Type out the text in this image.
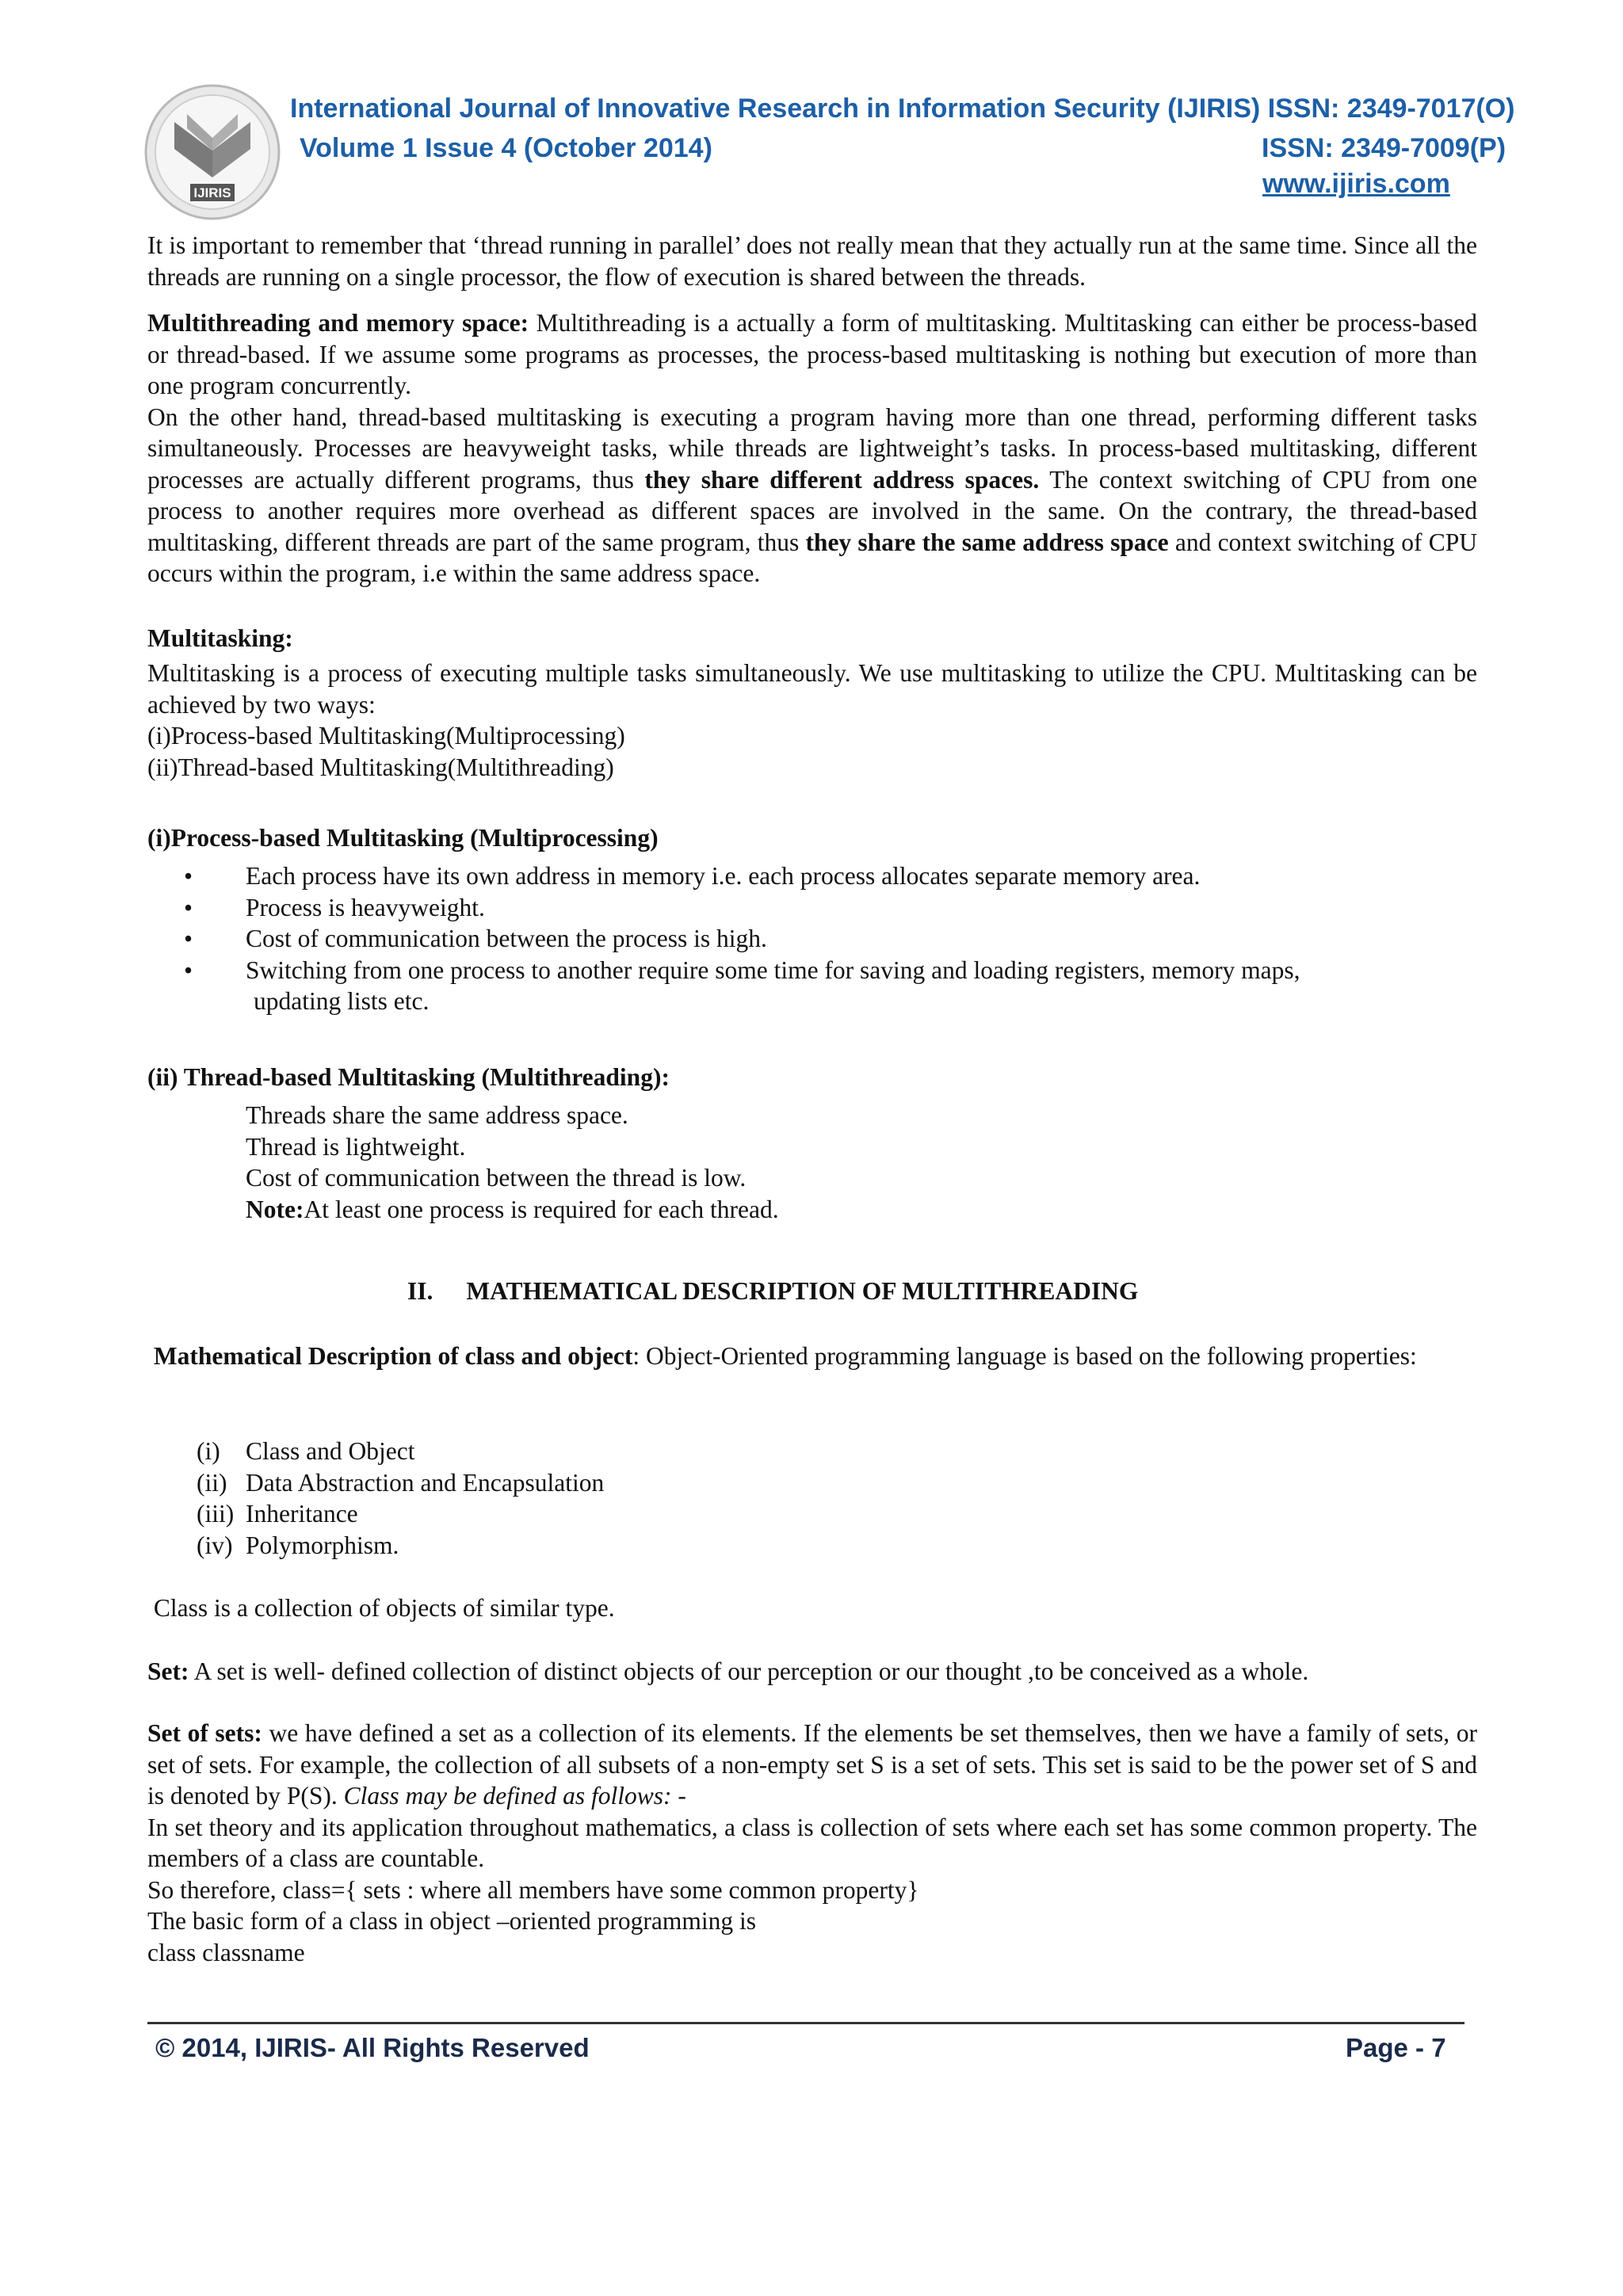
IJIRIS
International Journal of Innovative Research in Information Security (IJIRIS) ISSN: 2349-7017(O)
Volume 1 Issue 4 (October 2014)	ISSN: 2349-7009(P)
www.ijiris.com

It is important to remember that ‘thread running in parallel’ does not really mean that they actually run at the same time. Since all the threads are running on a single processor, the flow of execution is shared between the threads.

Multithreading and memory space: Multithreading is a actually a form of multitasking. Multitasking can either be process-based or thread-based. If we assume some programs as processes, the process-based multitasking is nothing but execution of more than one program concurrently.

On the other hand, thread-based multitasking is executing a program having more than one thread, performing different tasks simultaneously. Processes are heavyweight tasks, while threads are lightweight’s tasks. In process-based multitasking, different processes are actually different programs, thus they share different address spaces. The context switching of CPU from one process to another requires more overhead as different spaces are involved in the same. On the contrary, the thread-based multitasking, different threads are part of the same program, thus they share the same address space and context switching of CPU occurs within the program, i.e within the same address space.

Multitasking:

Multitasking is a process of executing multiple tasks simultaneously. We use multitasking to utilize the CPU. Multitasking can be achieved by two ways:

(i)Process-based Multitasking(Multiprocessing)

(ii)Thread-based Multitasking(Multithreading)

(i)Process-based Multitasking (Multiprocessing)

• Each process have its own address in memory i.e. each process allocates separate memory area.
• Process is heavyweight.
• Cost of communication between the process is high.
• Switching from one process to another require some time for saving and loading registers, memory maps,
updating lists etc.

(ii) Thread-based Multitasking (Multithreading):

Threads share the same address space.

Thread is lightweight.

Cost of communication between the thread is low.

Note:At least one process is required for each thread.

II. MATHEMATICAL DESCRIPTION OF MULTITHREADING

Mathematical Description of class and object: Object-Oriented programming language is based on the following properties:

(i) Class and Object
(ii) Data Abstraction and Encapsulation
(iii) Inheritance
(iv) Polymorphism.

Class is a collection of objects of similar type.

Set: A set is well- defined collection of distinct objects of our perception or our thought ,to be conceived as a whole.

Set of sets: we have defined a set as a collection of its elements. If the elements be set themselves, then we have a family of sets, or set of sets. For example, the collection of all subsets of a non-empty set S is a set of sets. This set is said to be the power set of S and is denoted by P(S). Class may be defined as follows: -

In set theory and its application throughout mathematics, a class is collection of sets where each set has some common property. The members of a class are countable.

So therefore, class={ sets : where all members have some common property}

The basic form of a class in object –oriented programming is

class classname

© 2014, IJIRIS- All Rights Reserved	Page - 7
